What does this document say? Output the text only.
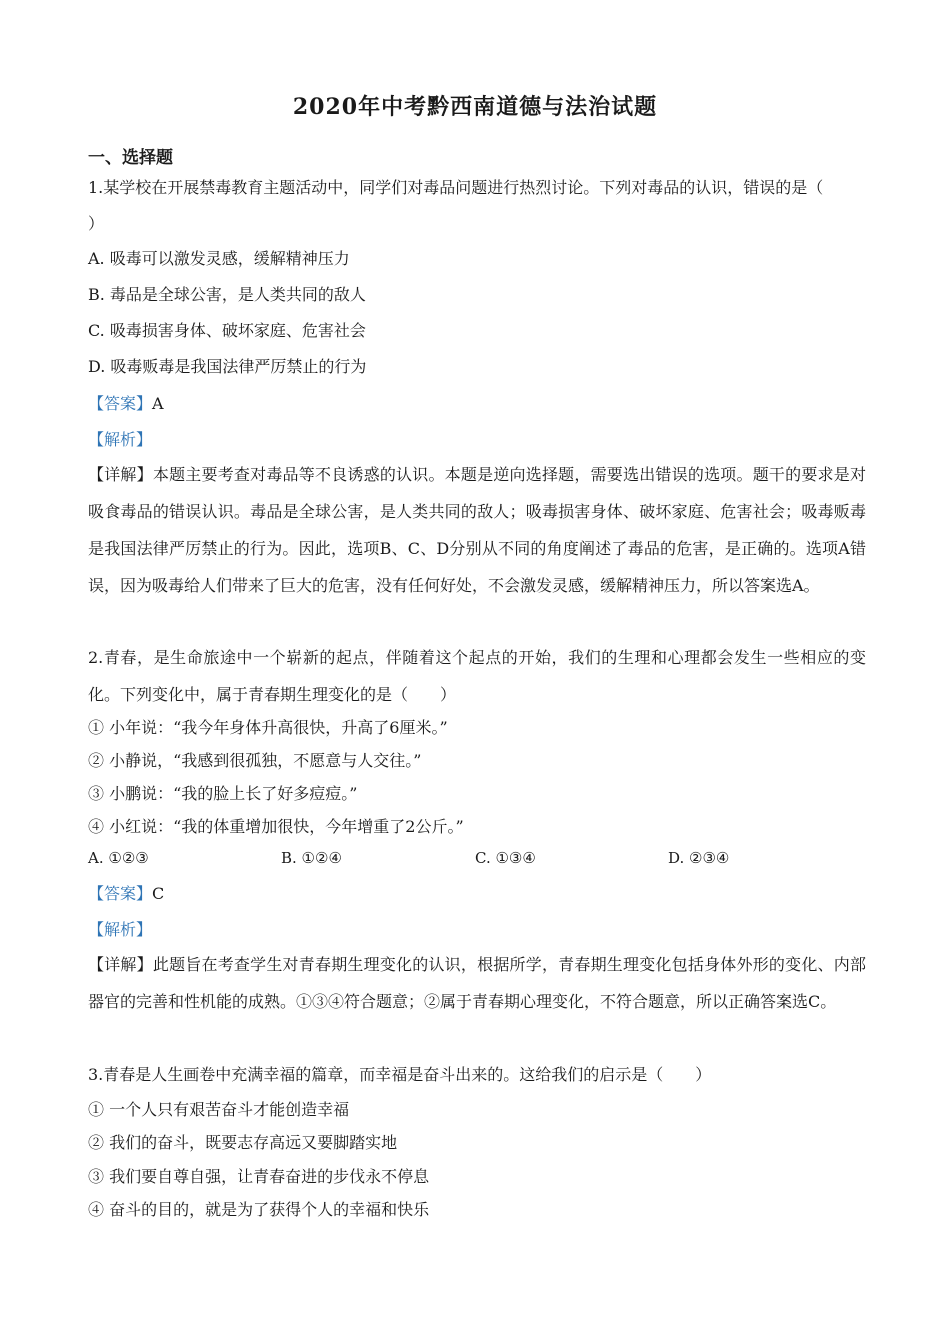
2020年中考黔西南道德与法治试题
一、选择题
1.某学校在开展禁毒教育主题活动中，同学们对毒品问题进行热烈讨论。下列对毒品的认识，错误的是（
）
A. 吸毒可以激发灵感，缓解精神压力
B. 毒品是全球公害，是人类共同的敌人
C. 吸毒损害身体、破坏家庭、危害社会
D. 吸毒贩毒是我国法律严厉禁止的行为
【答案】A
【解析】
【详解】本题主要考查对毒品等不良诱惑的认识。本题是逆向选择题，需要选出错误的选项。题干的要求是对吸食毒品的错误认识。毒品是全球公害，是人类共同的敌人；吸毒损害身体、破坏家庭、危害社会；吸毒贩毒是我国法律严厉禁止的行为。因此，选项B、C、D分别从不同的角度阐述了毒品的危害，是正确的。选项A错误，因为吸毒给人们带来了巨大的危害，没有任何好处，不会激发灵感，缓解精神压力，所以答案选A。
2.青春，是生命旅途中一个崭新的起点，伴随着这个起点的开始，我们的生理和心理都会发生一些相应的变化。下列变化中，属于青春期生理变化的是（　　）
① 小年说：“我今年身体升高很快，升高了6厘米。”
② 小静说，“我感到很孤独，不愿意与人交往。”
③ 小鹏说：“我的脸上长了好多痘痘。”
④ 小红说：“我的体重增加很快，今年增重了2公斤。”
A. ①②③	B. ①②④	C. ①③④	D. ②③④
【答案】C
【解析】
【详解】此题旨在考查学生对青春期生理变化的认识，根据所学，青春期生理变化包括身体外形的变化、内部器官的完善和性机能的成熟。①③④符合题意；②属于青春期心理变化，不符合题意，所以正确答案选C。
3.青春是人生画卷中充满幸福的篇章，而幸福是奋斗出来的。这给我们的启示是（　　）
① 一个人只有艰苦奋斗才能创造幸福
② 我们的奋斗，既要志存高远又要脚踏实地
③ 我们要自尊自强，让青春奋进的步伐永不停息
④ 奋斗的目的，就是为了获得个人的幸福和快乐
